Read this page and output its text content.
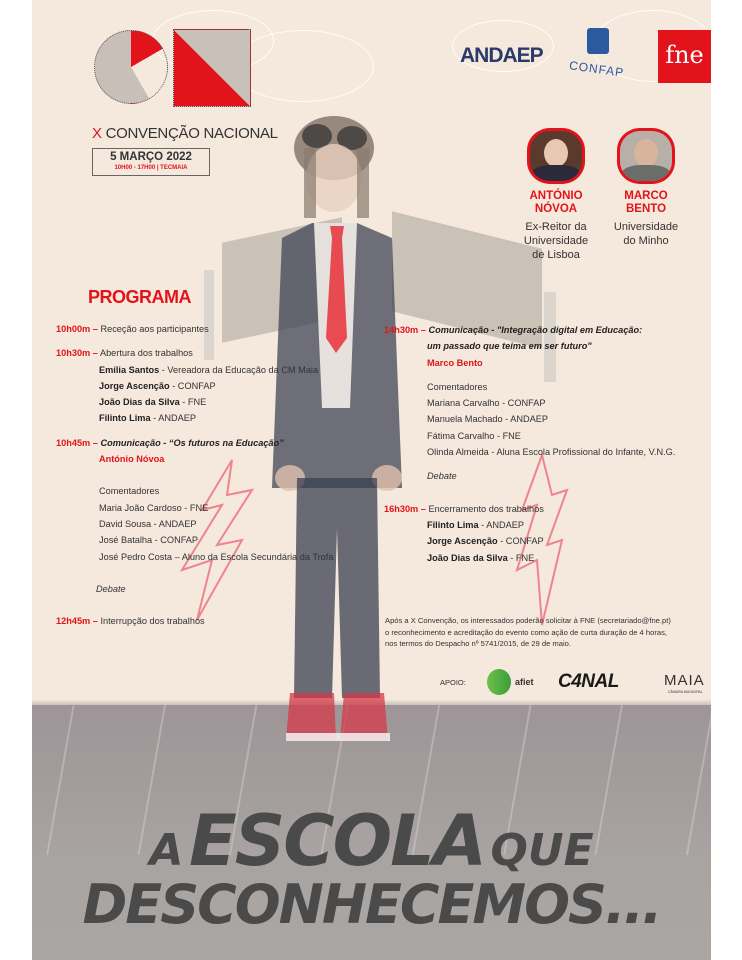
X CONVENÇÃO NACIONAL
5 MARÇO 2022
10H00 - 17H00 | TECMAIA
ANDAEP
CONFAP	fne
ANTÓNIO
NÓVOA
Ex-Reitor da
Universidade
de Lisboa
MARCO
BENTO
Universidade
do Minho
PROGRAMA
10h00m – Receção aos participantes
10h30m – Abertura dos trabalhos
Emília Santos - Vereadora da Educação da CM Maia
Jorge Ascenção - CONFAP
João Dias da Silva - FNE
Filinto Lima - ANDAEP
10h45m – Comunicação - “Os futuros na Educação”
António Nóvoa
Comentadores
Maria João Cardoso - FNE
David Sousa - ANDAEP
José Batalha - CONFAP
José Pedro Costa – Aluno da Escola Secundária da Trofa
Debate
12h45m – Interrupção dos trabalhos
14h30m – Comunicação - "Integração digital em Educação:
um passado que teima em ser futuro"
Marco Bento
Comentadores
Mariana Carvalho - CONFAP
Manuela Machado - ANDAEP
Fátima Carvalho - FNE
Olinda Almeida - Aluna Escola Profissional do Infante, V.N.G.
Debate
16h30m – Encerramento dos trabalhos
Filinto Lima - ANDAEP
Jorge Ascenção - CONFAP
João Dias da Silva - FNE
Após a X Convenção, os interessados poderão solicitar à FNE (secretariado@fne.pt)
o reconhecimento e acreditação do evento como ação de curta duração de 4 horas,
nos termos do Despacho nº 5741/2015, de 29 de maio.
APOIO:	afiet C4NAL	MAIA
CÂMARA MUNICIPAL
A ESCOLA QUE
DESCONHECEMOS...
